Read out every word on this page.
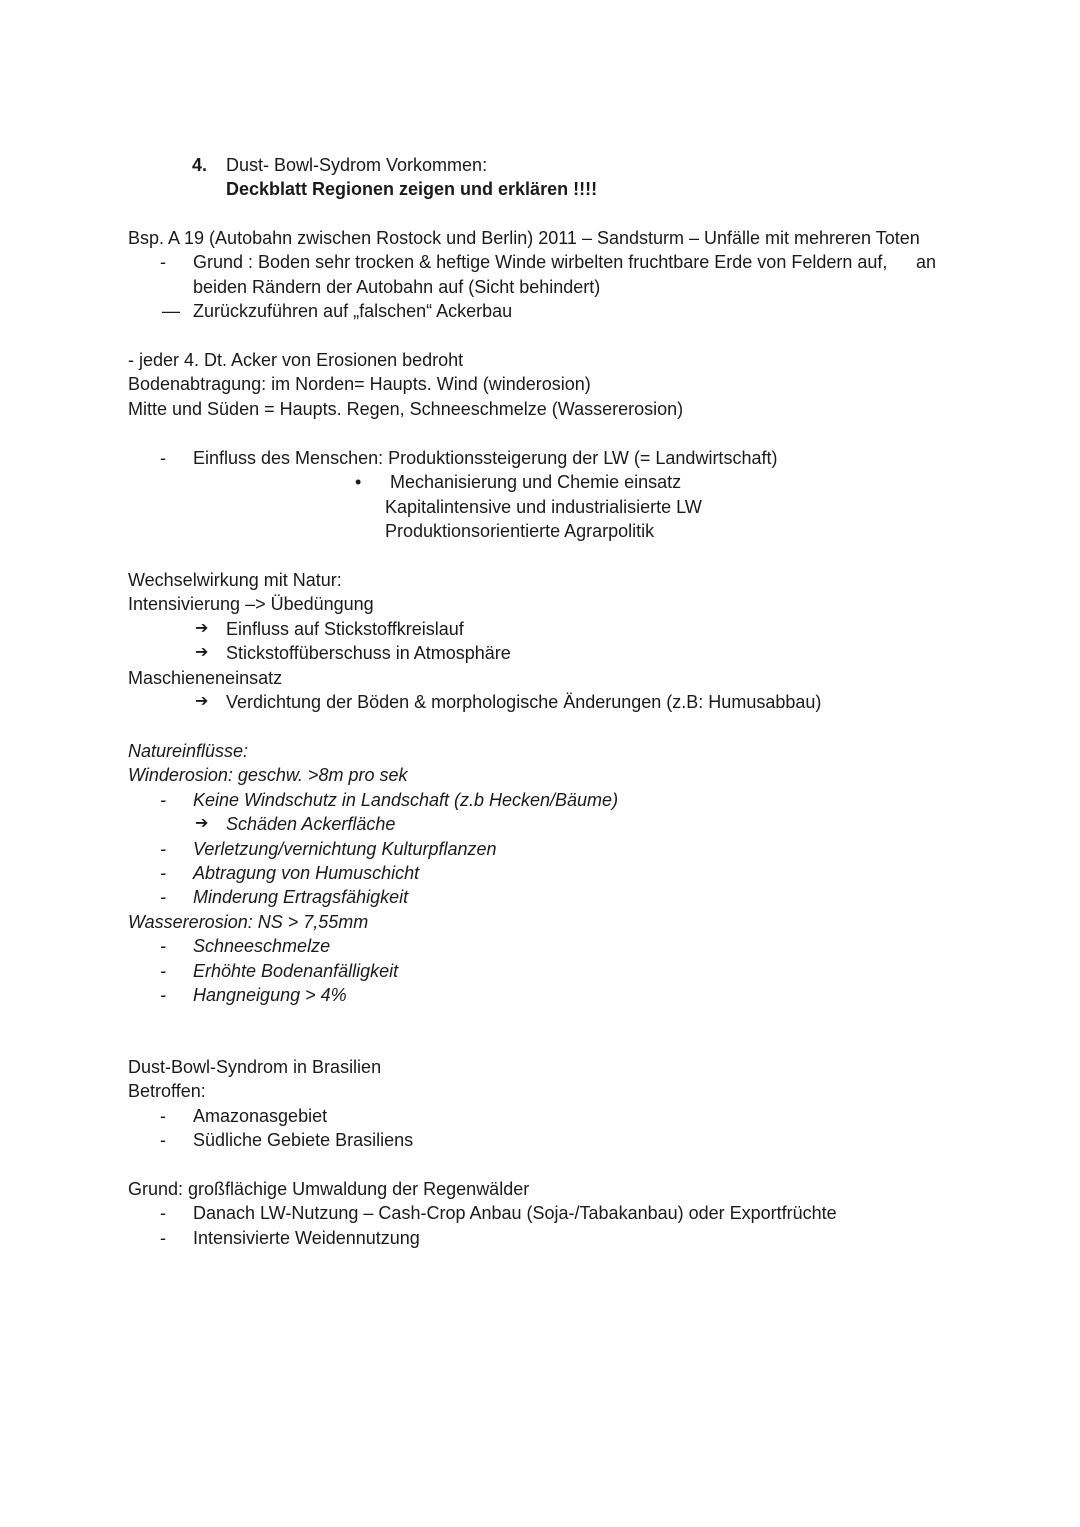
4. Dust- Bowl-Sydrom Vorkommen:
Deckblatt Regionen zeigen und erklären !!!!
Bsp. A 19 (Autobahn zwischen Rostock und Berlin) 2011 – Sandsturm – Unfälle mit mehreren Toten
- Grund : Boden sehr trocken & heftige Winde wirbelten fruchtbare Erde von Feldern auf, an
beiden Rändern der Autobahn auf (Sicht behindert)
— Zurückzuführen auf „falschen“ Ackerbau
- jeder 4. Dt. Acker von Erosionen bedroht
Bodenabtragung: im Norden= Haupts. Wind (winderosion)
Mitte und Süden = Haupts. Regen, Schneeschmelze (Wassererosion)
- Einfluss des Menschen: Produktionssteigerung der LW (= Landwirtschaft)
• Mechanisierung und Chemie einsatz
Kapitalintensive und industrialisierte LW
Produktionsorientierte Agrarpolitik
Wechselwirkung mit Natur:
Intensivierung –> Übedüngung
➔ Einfluss auf Stickstoffkreislauf
➔ Stickstoffüberschuss in Atmosphäre
Maschieneneinsatz
➔ Verdichtung der Böden & morphologische Änderungen (z.B: Humusabbau)
Natureinflüsse:
Winderosion: geschw. >8m pro sek
- Keine Windschutz in Landschaft (z.b Hecken/Bäume)
➔ Schäden Ackerfläche
- Verletzung/vernichtung Kulturpflanzen
- Abtragung von Humuschicht
- Minderung Ertragsfähigkeit
Wassererosion: NS > 7,55mm
- Schneeschmelze
- Erhöhte Bodenanfälligkeit
- Hangneigung > 4%
Dust-Bowl-Syndrom in Brasilien
Betroffen:
- Amazonasgebiet
- Südliche Gebiete Brasiliens
Grund: großflächige Umwaldung der Regenwälder
- Danach LW-Nutzung – Cash-Crop Anbau (Soja-/Tabakanbau) oder Exportfrüchte
- Intensivierte Weidennutzung
